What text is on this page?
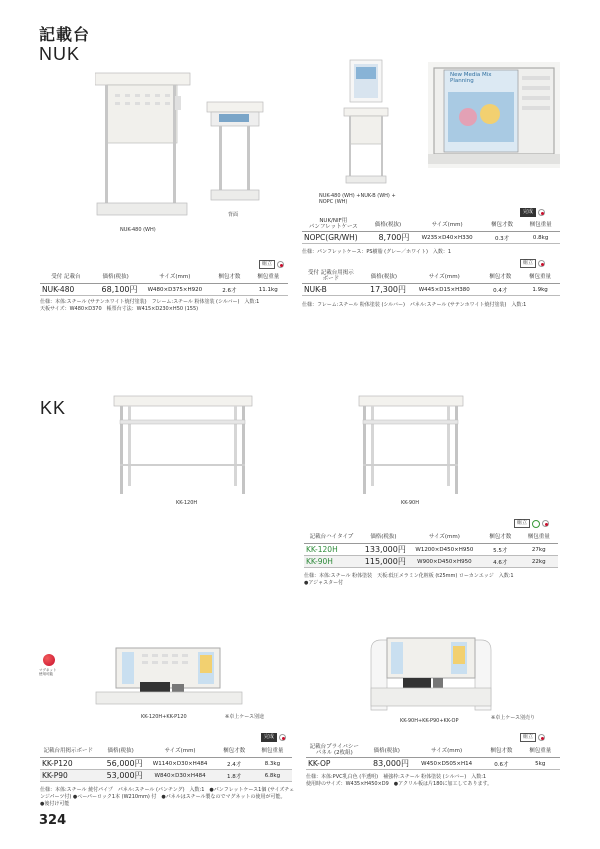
記載台
NUK
NUK-480 (WH)
背面
NUK-480 (WH) +NUK-B (WH) +
NOPC (WH)
New Media Mix
Planning
完成
NUK/NIF用
パンフレットケース	価格(税抜)	サイズ(mm)	梱包才数	梱包重量
NOPC(GR/WH)	8,700円	W235×D40×H330	0.3才	0.8kg
仕様：パンフレットケース：PS樹脂 (グレー／ホワイト)　入数：1
組立
受付 記載台用掲示
ボード	価格(税抜)	サイズ(mm)	梱包才数	梱包重量
NUK-B	17,300円	W445×D15×H380	0.4才	1.9kg
仕様：フレーム:スチール 粉体塗装 (シルバー)　パネル:スチール (サテンホワイト焼付塗装)　入数:1
組立
受付 記載台	価格(税抜)	サイズ(mm)	梱包才数	梱包重量
NUK-480	68,100円	W480×D375×H920	2.6才	11.1kg
仕様：本体:スチール (サテンホワイト焼付塗装)　フレーム:スチール 粉体塗装 (シルバー)　入数:1
天板サイズ：W480×D370　帳票台寸法：W415×D230×H50 (155)
KK
KK-120H	KK-90H
組立
記載台ハイタイプ	価格(税抜)	サイズ(mm)	梱包才数	梱包重量
KK-120H	133,000円	W1200×D450×H950	5.5才	27kg
KK-90H	115,000円	W900×D450×H950	4.6才	22kg
仕様：本体:スチール 粉体塗装　天板:低圧メラミン化粧板 (t25mm) ローカンエッジ　入数:1
●アジャスター付
マグネット
使用可能
KK-120H+KK-P120	※卓上ケース別途
KK-90H+KK-P90+KK-OP	※卓上ケース別売り
完成
記載台用掲示ボード	価格(税抜)	サイズ(mm)	梱包才数	梱包重量
KK-P120	56,000円	W1140×D30×H484	2.4才	8.3kg
KK-P90	53,000円	W840×D30×H484	1.8才	6.8kg
仕様：本体:スチール 焼付パイプ　パネル:スチール (パンチング)　入数:1　●パンフレットケース1個 (サイズチェ
ンジパーツ付) ●ペーパーロック1本 (W210mm) 付　●パネルはスチール製なのでマグネットの使用が可能。
●後付け可能
組立
記載台プライバシー
パネル (2枚組)	価格(税抜)	サイズ(mm)	梱包才数	梱包重量
KK-OP	83,000円	W450×D505×H14	0.6才	5kg
仕様：本体:PVC乳白色 (半透明)　補強枠:スチール 粉体塗装 (シルバー)　入数:1
使用時のサイズ：W435×H450×D9　●アクリル板は片180に加工してあります。
324
